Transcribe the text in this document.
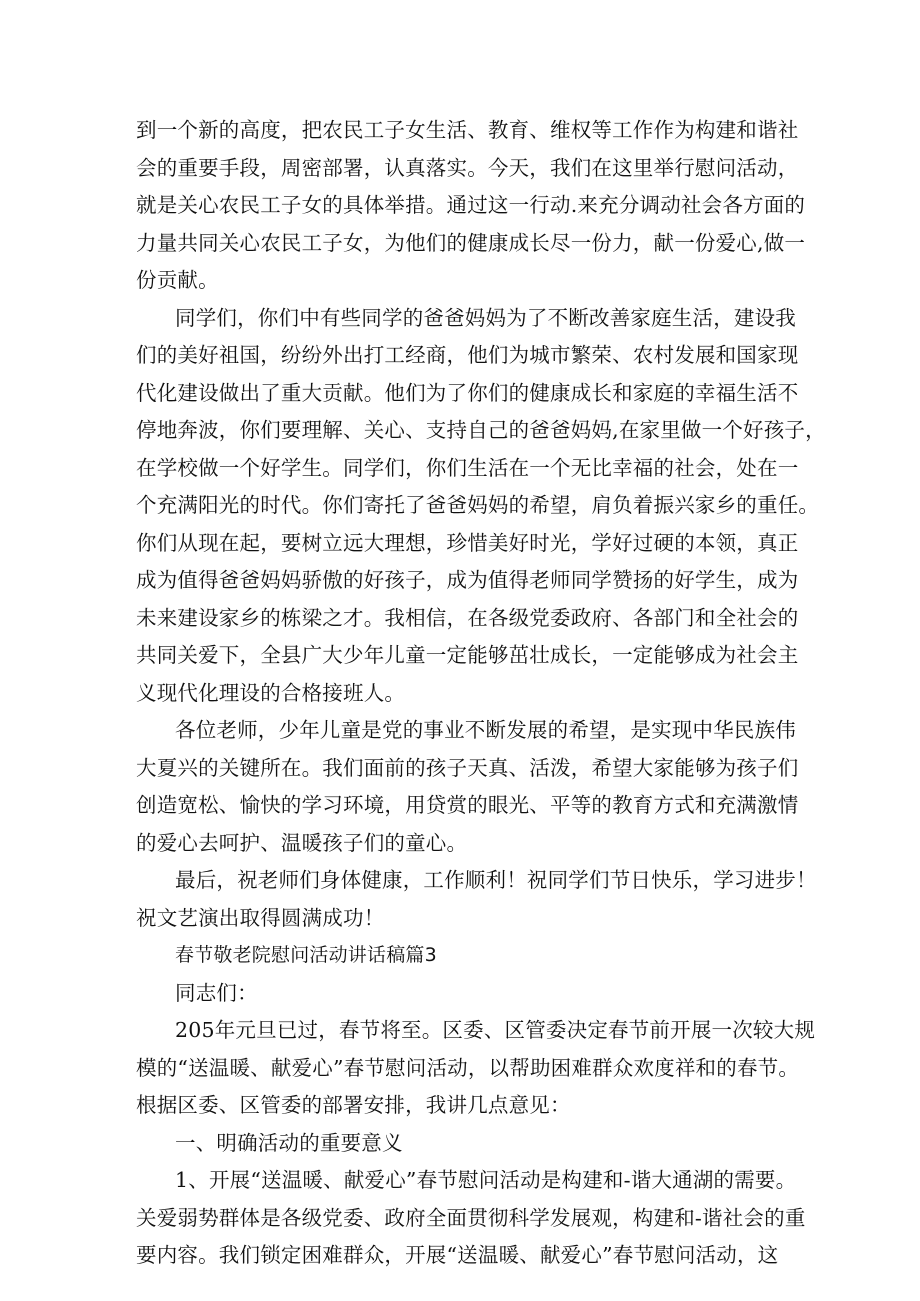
到一个新的高度，把农民工子女生活、教育、维权等工作作为构建和谐社
会的重要手段，周密部署，认真落实。今天，我们在这里举行慰问活动，
就是关心农民工子女的具体举措。通过这一行动.来充分调动社会各方面的
力量共同关心农民工子女，为他们的健康成长尽一份力，献一份爱心,做一
份贡献。
同学们，你们中有些同学的爸爸妈妈为了不断改善家庭生活，建设我
们的美好祖国，纷纷外出打工经商，他们为城市繁荣、农村发展和国家现
代化建设做出了重大贡献。他们为了你们的健康成长和家庭的幸福生活不
停地奔波，你们要理解、关心、支持自己的爸爸妈妈,在家里做一个好孩子，
在学校做一个好学生。同学们，你们生活在一个无比幸福的社会，处在一
个充满阳光的时代。你们寄托了爸爸妈妈的希望，肩负着振兴家乡的重任。
你们从现在起，要树立远大理想，珍惜美好时光，学好过硬的本领，真正
成为值得爸爸妈妈骄傲的好孩子，成为值得老师同学赞扬的好学生，成为
未来建设家乡的栋梁之才。我相信，在各级党委政府、各部门和全社会的
共同关爱下，全县广大少年儿童一定能够茁壮成长，一定能够成为社会主
义现代化理设的合格接班人。
各位老师，少年儿童是党的事业不断发展的希望，是实现中华民族伟
大夏兴的关键所在。我们面前的孩子天真、活泼，希望大家能够为孩子们
创造宽松、愉快的学习环境，用贷赏的眼光、平等的教育方式和充满激情
的爱心去呵护、温暖孩子们的童心。
最后，祝老师们身体健康，工作顺利！祝同学们节日快乐，学习进步！
祝文艺演出取得圆满成功！
春节敬老院慰问活动讲话稿篇3
同志们：
205年元旦已过，春节将至。区委、区管委决定春节前开展一次较大规
模的“送温暖、献爱心”春节慰问活动，以帮助困难群众欢度祥和的春节。
根据区委、区管委的部署安排，我讲几点意见：
一、明确活动的重要意义
1、开展“送温暖、献爱心”春节慰问活动是构建和-谐大通湖的需要。
关爱弱势群体是各级党委、政府全面贯彻科学发展观，构建和-谐社会的重
要内容。我们锁定困难群众，开展“送温暖、献爱心”春节慰问活动，这
